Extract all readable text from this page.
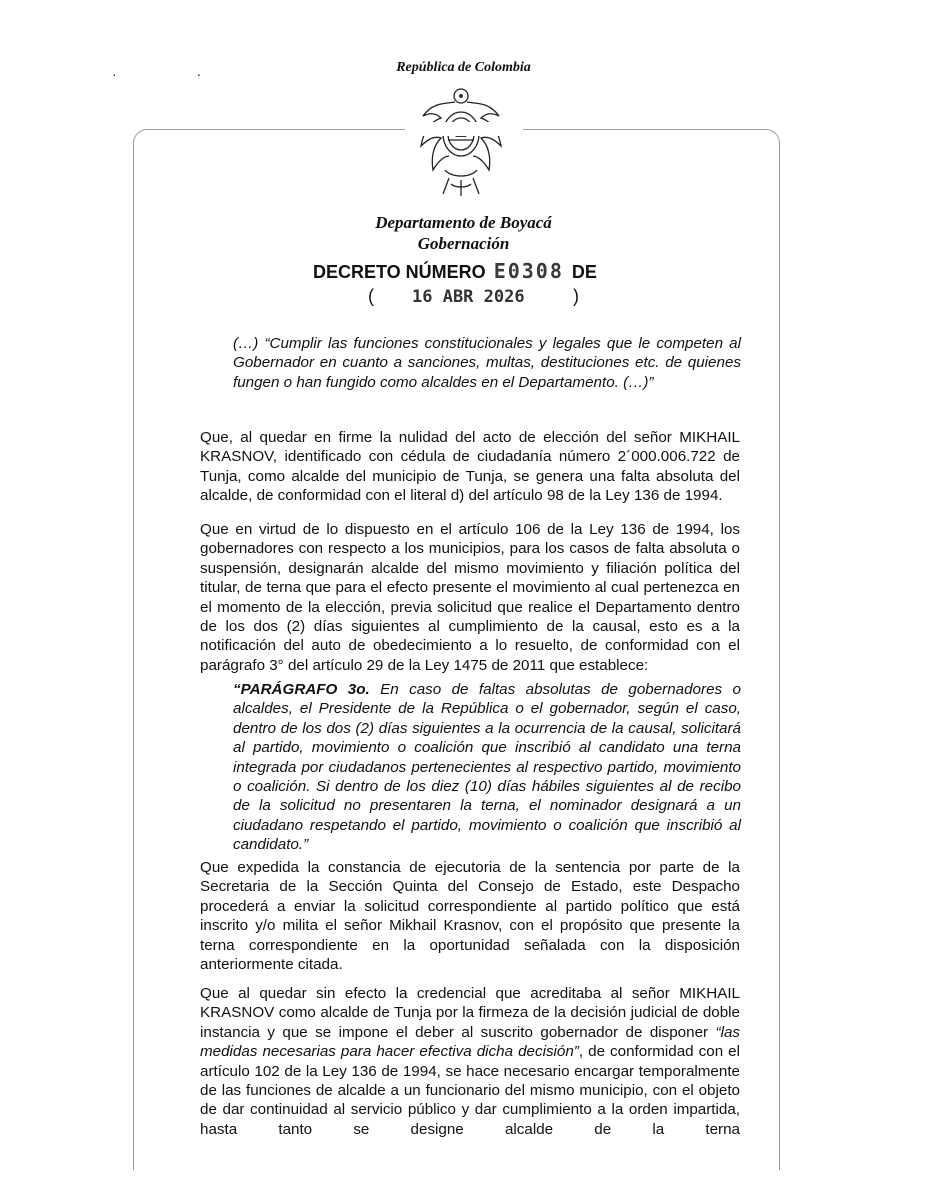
· ·	República de Colombia
Departamento de Boyacá
Gobernación
DECRETO NÚMERO E0308 DE
( 16 ABR 2026	)

(…) “Cumplir las funciones constitucionales y legales que le competen al Gobernador en cuanto a sanciones, multas, destituciones etc. de quienes fungen o han fungido como alcaldes en el Departamento. (…)”

Que, al quedar en firme la nulidad del acto de elección del señor MIKHAIL KRASNOV, identificado con cédula de ciudadanía número 2´000.006.722 de Tunja, como alcalde del municipio de Tunja, se genera una falta absoluta del alcalde, de conformidad con el literal d) del artículo 98 de la Ley 136 de 1994.

Que en virtud de lo dispuesto en el artículo 106 de la Ley 136 de 1994, los gobernadores con respecto a los municipios, para los casos de falta absoluta o suspensión, designarán alcalde del mismo movimiento y filiación política del titular, de terna que para el efecto presente el movimiento al cual pertenezca en el momento de la elección, previa solicitud que realice el Departamento dentro de los dos (2) días siguientes al cumplimiento de la causal, esto es a la notificación del auto de obedecimiento a lo resuelto, de conformidad con el parágrafo 3° del artículo 29 de la Ley 1475 de 2011 que establece:

“PARÁGRAFO 3o. En caso de faltas absolutas de gobernadores o alcaldes, el Presidente de la República o el gobernador, según el caso, dentro de los dos (2) días siguientes a la ocurrencia de la causal, solicitará al partido, movimiento o coalición que inscribió al candidato una terna integrada por ciudadanos pertenecientes al respectivo partido, movimiento o coalición. Si dentro de los diez (10) días hábiles siguientes al de recibo de la solicitud no presentaren la terna, el nominador designará a un ciudadano respetando el partido, movimiento o coalición que inscribió al candidato.”

Que expedida la constancia de ejecutoria de la sentencia por parte de la Secretaria de la Sección Quinta del Consejo de Estado, este Despacho procederá a enviar la solicitud correspondiente al partido político que está inscrito y/o milita el señor Mikhail Krasnov, con el propósito que presente la terna correspondiente en la oportunidad señalada con la disposición anteriormente citada.

Que al quedar sin efecto la credencial que acreditaba al señor MIKHAIL KRASNOV como alcalde de Tunja por la firmeza de la decisión judicial de doble instancia y que se impone el deber al suscrito gobernador de disponer “las medidas necesarias para hacer efectiva dicha decisión”, de conformidad con el artículo 102 de la Ley 136 de 1994, se hace necesario encargar temporalmente de las funciones de alcalde a un funcionario del mismo municipio, con el objeto de dar continuidad al servicio público y dar cumplimiento a la orden impartida, hasta tanto se designe alcalde de la terna
